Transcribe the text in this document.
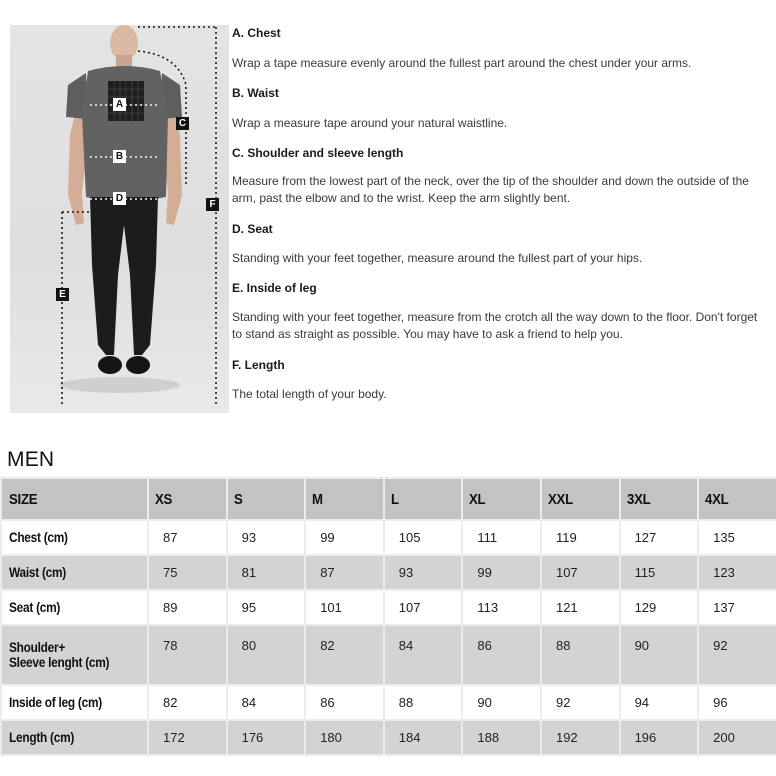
A
B
C
D
E
F

A. Chest

Wrap a tape measure evenly around the fullest part around the chest under your arms.

B. Waist

Wrap a measure tape around your natural waistline.

C. Shoulder and sleeve length

Measure from the lowest part of the neck, over the tip of the shoulder and down the outside of the arm, past the elbow and to the wrist. Keep the arm slightly bent.

D. Seat

Standing with your feet together, measure around the fullest part of your hips.

E. Inside of leg

Standing with your feet together, measure from the crotch all the way down to the floor. Don't forget to stand as straight as possible. You may have to ask a friend to help you.

F. Length

The total length of your body.

MEN
SIZE	XS	S	M	L	XL	XXL	3XL	4XL
Chest (cm)	87	93	99	105	111	119	127	135
Waist (cm)	75	81	87	93	99	107	115	123
Seat (cm)	89	95	101	107	113	121	129	137
Shoulder+
Sleeve lenght (cm)	78	80	82	84	86	88	90	92
Inside of leg (cm)	82	84	86	88	90	92	94	96
Length (cm)	172	176	180	184	188	192	196	200
